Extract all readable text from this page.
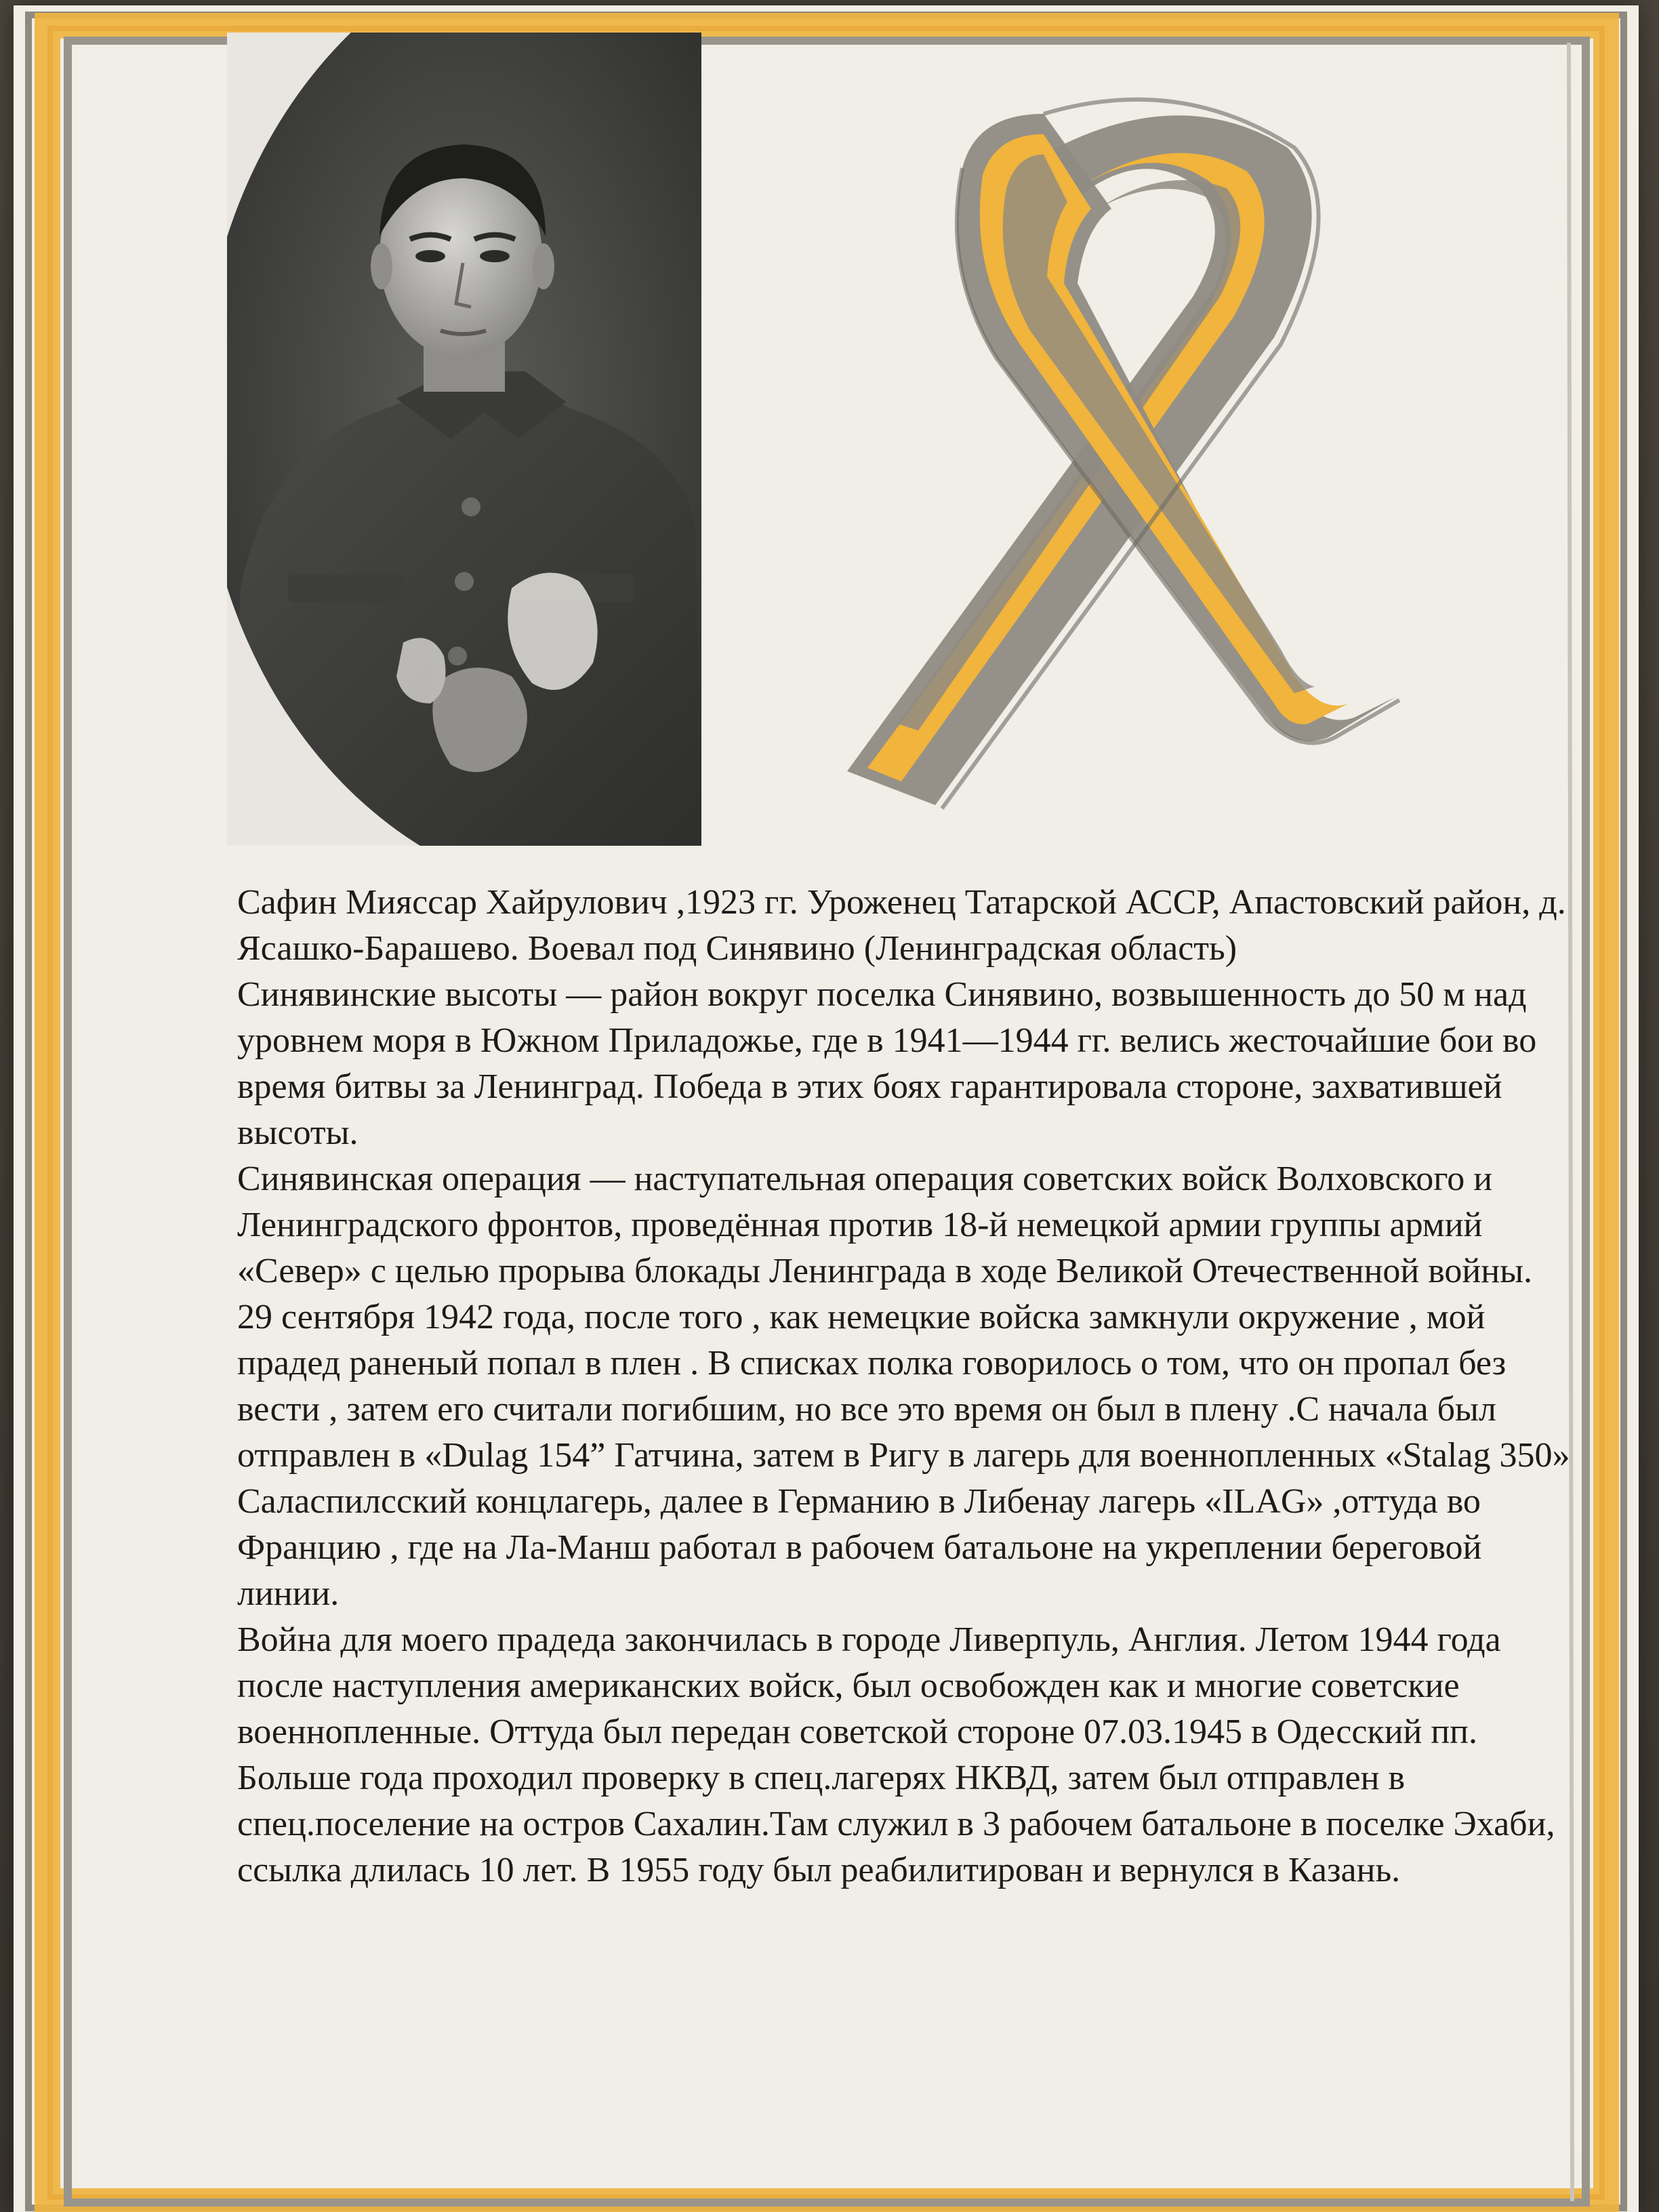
Сафин Мияссар Хайрулович ,1923 гг. Уроженец Татарской АССР, Апастовский район, д. Ясашко-Барашево. Воевал под Синявино (Ленинградская область)

Синявинские высоты — район вокруг поселка Синявино, возвышенность до 50 м над уровнем моря в Южном Приладожье, где в 1941—1944 гг. велись жесточайшие бои во время битвы за Ленинград. Победа в этих боях гарантировала стороне, захватившей высоты.

Синявинская операция — наступательная операция советских войск Волховского и Ленинградского фронтов, проведённая против 18-й немецкой армии группы армий «Север» с целью прорыва блокады Ленинграда в ходе Великой Отечественной войны.

29 сентября 1942 года, после того , как немецкие войска замкнули окружение , мой прадед раненый попал в плен . В списках полка говорилось о том, что он пропал без вести , затем его считали погибшим, но все это время он был в плену .С начала был отправлен в «Dulag 154” Гатчина, затем в Ригу в лагерь для военнопленных «Stalag 350» Саласпилсский концлагерь, далее в Германию в Либенау лагерь «ILAG» ,оттуда во Францию , где на Ла-Манш работал в рабочем батальоне на укреплении береговой линии.

Война для моего прадеда закончилась в городе Ливерпуль, Англия. Летом 1944 года после наступления американских войск, был освобожден как и многие советские военнопленные. Оттуда был передан советской стороне 07.03.1945 в Одесский пп. Больше года проходил проверку в спец.лагерях НКВД, затем был отправлен в спец.поселение на остров Сахалин.Там служил в 3 рабочем батальоне в поселке Эхаби, ссылка длилась 10 лет. В 1955 году был реабилитирован и вернулся в Казань.
